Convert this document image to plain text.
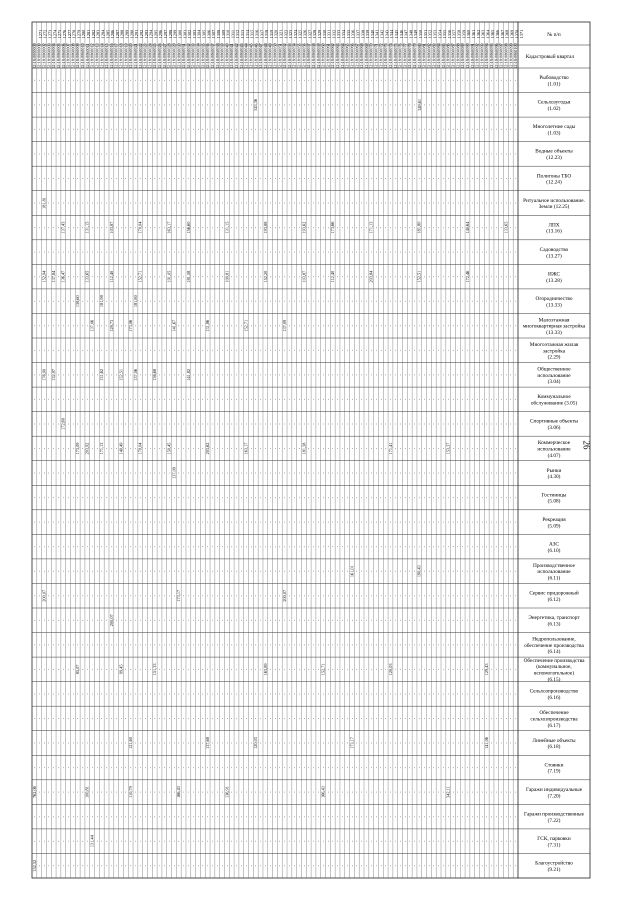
-
-
-
-
-
-
-
-
-
-
-
-
-
-
-
-
-
-
-
-
-
-
-
-
-
-
-
-
-
762,06
-
-
152,52
-
-
-
-
-
-
-
-
-
-
-
-
-
-
-
-
-
-
-
-
-
-
-
-
-
-
-
-
-
-
-
-
-
-
-
-
-
-
181,81
-
-
152,94
-
-
-
176,90
-
-
-
-
-
-
-
-
200,07
-
-
-
-
-
-
-
-
-
-
-
-
-
-
-
-
-
-
-
-
-
-
-
-
-
-
-
-
-
-
-
-
-
-
-
-
-
-
-
-
-
-
-
-
-
-
-
-
-
-
-
-
137,84
-
-
-
132,97
-
-
-
-
-
-
-
-
-
-
-
-
-
-
-
-
-
-
-
-
-
-
-
-
-
-
-
-
-
-
-
-
-
-
-
-
-
-
-
-
-
-
-
-
-
-
-
-
-
-
-
-
-
-
-
-
-
-
-
137,43
-
136,47
-
-
-
-
-
172,60
-
-
-
-
-
-
-
-
-
-
-
-
-
-
-
-
-
-
-
-
-
-
-
-
-
-
-
-
-
-
-
-
-
-
-
-
-
-
-
-
-
-
-
-
-
-
-
-
-
-
-
-
-
-
-
-
-
-
-
-
-
-
-
-
-
-
-
-
-
-
-
-
-
-
-
-
-
-
-
-
-
-
-
-
-
-
-
-
-
-
-
-
-
138,60
-
-
-
-
-
173,09
-
-
-
-
-
-
-
-
85,07
-
-
-
-
-
-
-
-
-
-
-
-
-
-
-
-
-
-
-
-
-
-
-
-
-
-
-
-
-
-
-
-
-
-
-
-
-
-
-
-
-
-
-
-
-
-
-
131,15
-
133,65
-
-
-
-
-
-
203,92
-
-
-
-
-
-
-
-
-
-
-
-
-
100,81
-
-
-
-
-
-
-
-
-
-
-
-
-
137,06
-
-
-
-
-
-
-
-
-
-
-
-
-
-
-
-
-
-
-
-
131,44
-
-
-
-
-
-
-
-
-
-
-
-
-
-
-
-
-
-
-
-
-
-
-
-
-
-
-
-
-
-
-
-
-
-
-
-
-
-
-
-
-
-
-
181,98
-
-
131,62
-
-
171,13
-
-
-
-
-
-
-
-
-
-
-
-
-
-
-
-
-
-
-
-
-
-
-
-
-
-
-
-
-
-
-
-
-
-
-
-
-
-
-
-
-
-
-
-
-
-
-
-
-
-
-
-
-
-
-
-
103,87
-
112,40
-
128,73
-
-
-
-
-
-
-
-
-
-
-
200,07
-
-
-
-
-
-
-
-
-
-
-
-
-
-
-
-
-
-
-
-
-
-
-
-
-
-
-
-
-
-
-
-
-
-
-
-
-
-
-
-
-
-
-
-
-
-
-
-
-
-
-
-
-
-
-
152,51
-
-
140,49
-
-
-
-
-
-
-
-
99,45
-
-
-
-
-
-
-
-
-
-
-
-
-
-
-
-
-
-
-
-
-
-
-
-
-
-
-
-
-
-
-
-
-
-
-
-
-
-
-
-
-
-
-
-
-
-
-
-
-
-
-
173,06
-
-
-
-
-
-
-
-
-
-
-
-
-
-
-
-
121,60
-
110,79
-
-
-
-
-
-
-
-
-
-
-
-
181,80
-
-
137,06
-
-
-
-
-
-
-
-
-
-
-
-
-
-
-
-
-
-
-
-
-
-
-
-
-
-
170,04
-
152,71
-
-
-
-
-
-
170,04
-
-
-
-
-
-
-
-
-
-
-
-
-
-
-
-
-
-
-
-
-
-
-
-
-
-
-
-
-
-
-
-
-
-
-
-
-
-
-
-
-
-
-
-
-
-
-
-
-
-
-
-
-
-
-
-
-
-
-
-
-
-
-
-
-
-
-
-
-
-
-
-
-
-
-
-
-
-
-
-
-
-
-
-
-
-
-
-
-
-
-
-
-
-
-
136,68
-
-
-
-
-
-
-
-
-
-
-
151,33
-
-
-
-
-
-
-
-
-
-
-
-
-
-
-
-
-
-
-
-
-
-
-
-
-
-
-
-
-
-
-
-
-
-
-
-
-
-
-
-
-
-
-
-
-
-
-
-
-
-
-
-
-
-
-
-
-
-
-
-
-
-
-
-
-
-
-
-
-
-
-
-
-
-
-
-
-
-
-
-
163,17
-
191,05
-
-
-
-
-
-
150,45
-
-
-
-
-
-
-
-
-
-
-
-
-
-
-
-
-
-
-
-
-
-
-
-
-
-
-
141,67
-
-
-
-
-
137,09
-
-
-
-
-
-
-
-
-
-
-
-
-
-
-
-
-
-
-
-
-
-
-
-
-
-
-
-
-
-
-
-
-
-
-
-
-
173,17
-
-
-
-
-
-
-
166,43
-
-
-
-
-
-
-
-
-
-
-
-
-
-
-
-
-
-
-
-
-
-
-
-
-
-
-
-
-
-
-
-
-
-
-
-
-
-
-
-
-
-
156,60
-
181,58
-
-
-
141,82
-
-
-
-
-
-
-
-
-
-
-
-
-
-
-
-
-
-
-
-
-
-
-
-
-
-
-
-
-
-
-
-
-
-
-
-
-
-
-
-
-
-
-
-
-
-
-
-
-
-
-
-
-
-
-
-
-
-
-
-
-
-
-
-
-
-
-
-
-
-
-
-
-
-
-
-
-
-
-
-
-
-
-
-
-
-
-
-
-
-
-
-
-
-
-
-
-
-
-
-
-
-
-
-
-
-
-
-
-
-
-
-
-
-
-
-
-
-
-
-
-
-
-
-
-
-
-
-
-
131,86
-
-
-
-
203,62
-
-
-
-
-
-
-
-
-
-
-
137,68
-
-
-
-
-
-
-
-
-
-
-
-
-
-
-
-
-
-
-
-
-
-
-
-
-
-
-
-
-
-
-
-
-
-
-
-
-
-
-
-
-
-
-
-
-
-
-
-
-
-
-
-
-
-
-
-
-
-
-
-
-
-
-
-
-
-
-
-
-
-
-
-
-
-
-
-
-
-
-
-
-
-
-
-
-
-
-
-
-
-
-
-
-
-
-
-
-
-
-
-
-
-
-
-
-
-
-
-
-
-
131,15
-
100,81
-
-
-
-
-
-
-
-
-
-
-
-
-
-
-
-
-
-
-
-
136,91
-
-
-
-
-
-
-
-
-
-
-
-
-
-
-
-
-
-
-
-
-
-
-
-
-
-
-
-
-
-
-
-
-
-
-
-
-
-
-
-
-
-
-
-
-
-
-
-
-
-
-
-
-
-
-
-
-
-
-
-
-
-
-
-
-
-
-
-
-
-
-
-
-
-
-
-
-
-
-
-
-
-
-
-
-
-
-
-
-
-
-
-
-
-
-
-
-
-
-
-
-
-
-
-
-
-
-
-
-
-
-
-
152,71
-
-
-
-
163,17
-
-
-
-
-
-
-
-
-
-
-
-
-
-
-
-
-
-
-
-
-
-
-
-
-
-
-
-
-
-
-
-
-
-
-
-
-
-
-
-
-
-
-
-
-
-
-
-
-
-
-
343,36
-
-
-
-
-
-
-
-
-
-
-
-
-
-
-
-
-
-
-
-
-
-
-
-
-
120,03
-
-
-
-
-
-
-
-
-
-
-
-
-
-
-
-
-
-
-
-
-
-
-
-
-
-
-
-
-
-
-
-
-
-
-
-
-
-
-
-
-
-
-
-
193,88
-
152,20
-
-
-
-
-
-
-
-
-
-
-
-
-
-
-
163,89
-
-
-
-
-
-
-
-
-
-
-
-
-
-
-
-
-
-
-
-
-
-
-
-
-
-
-
-
-
-
-
-
-
-
-
-
-
-
-
-
-
-
-
-
-
-
-
-
-
-
-
-
-
-
-
-
-
-
-
-
-
-
-
-
-
-
-
-
-
-
-
-
-
-
-
-
-
-
-
-
-
-
-
-
-
-
-
-
-
-
-
-
-
-
-
-
-
-
-
-
-
-
-
-
-
-
-
-
-
-
-
-
-
-
-
-
-
137,09
-
-
-
-
-
-
-
-
-
-
200,07
-
-
-
-
-
-
-
-
-
-
-
-
-
-
-
-
-
-
-
-
-
-
-
-
-
-
-
-
-
-
-
-
-
-
-
-
-
-
-
-
-
-
-
-
-
-
-
-
-
-
-
-
-
-
-
-
-
-
-
-
-
-
-
-
-
-
-
-
-
-
-
-
-
-
-
-
-
-
-
-
-
-
-
-
-
-
-
-
-
-
-
-
-
-
-
-
-
-
-
-
-
-
-
-
-
-
-
-
-
-
-
-
-
-
-
-
193,62
-
103,87
-
-
-
-
-
-
181,58
-
-
-
-
-
-
-
-
-
-
-
-
-
-
-
-
-
-
-
-
-
-
-
-
-
-
-
-
-
-
-
-
-
-
-
-
-
-
-
-
-
-
-
-
-
-
-
-
-
-
-
-
-
-
-
-
-
-
-
-
-
-
-
-
-
-
-
-
-
-
-
-
-
-
-
-
-
-
-
-
-
-
-
-
-
-
-
-
-
-
-
-
-
-
-
-
-
-
-
-
-
-
-
-
-
-
-
-
-
-
-
-
-
-
-
-
-
-
-
-
-
-
-
-
-
-
-
-
-
-
-
-
-
-
-
-
-
-
-
-
152,71
-
-
-
-
166,43
-
-
-
-
-
-
-
-
-
-
-
-
-
-
-
-
-
-
-
-
-
-
-
-
-
-
-
-
-
-
-
-
-
-
-
-
-
-
-
-
-
-
173,66
-
112,40
-
-
-
-
-
-
-
-
-
-
-
-
-
-
-
-
-
-
-
-
-
-
-
-
-
-
-
-
-
-
-
-
-
-
-
-
-
-
-
-
-
-
-
-
-
-
-
-
-
-
-
-
-
-
-
-
-
-
-
-
-
-
-
-
-
-
-
-
-
-
-
-
-
-
-
-
-
-
-
-
-
-
-
-
-
-
-
-
-
-
-
-
-
-
-
-
-
-
-
-
-
-
-
-
-
-
-
-
-
-
-
-
-
-
-
-
-
-
-
-
-
-
-
-
-
-
-
-
-
-
-
-
-
-
-
-
-
-
-
-
-
-
-
161,01
-
-
-
-
-
-
173,17
-
-
-
-
-
-
-
-
-
-
-
-
-
-
-
-
-
-
-
-
-
-
-
-
-
-
-
-
-
-
-
-
-
-
-
-
-
-
-
-
-
-
-
-
-
-
-
-
-
-
-
-
-
-
-
-
-
-
-
-
-
-
-
-
-
-
-
-
-
-
-
-
-
-
-
-
-
-
-
-
-
-
-
-
-
-
-
-
-
-
-
-
-
-
-
-
-
-
-
-
-
-
-
-
-
-
-
-
-
-
171,13
-
203,84
-
-
-
-
-
-
-
-
-
-
-
-
-
-
-
-
-
-
-
-
-
-
-
-
-
-
-
-
-
-
-
-
-
-
-
-
-
-
-
-
-
-
-
-
-
-
-
-
-
-
-
-
-
-
-
-
-
-
-
-
-
-
-
-
-
-
-
-
-
-
-
-
-
-
-
-
-
-
-
-
-
-
-
-
-
-
-
-
-
-
-
-
-
-
-
-
-
-
-
-
-
-
-
-
-
-
-
-
-
-
-
-
-
-
-
-
-
-
-
-
-
-
-
-
-
-
-
-
-
-
-
-
-
-
-
-
-
-
171,41
-
-
-
-
-
-
-
-
120,03
-
-
-
-
-
-
-
-
-
-
-
-
-
-
-
-
-
-
-
-
-
-
-
-
-
-
-
-
-
-
-
-
-
-
-
-
-
-
-
-
-
-
-
-
-
-
-
-
-
-
-
-
-
-
-
-
-
-
-
-
-
-
-
-
-
-
-
-
-
-
-
-
-
-
-
-
-
-
-
-
-
-
-
-
-
-
-
-
-
-
-
-
-
-
-
-
-
-
-
-
-
-
-
-
-
-
-
-
-
-
-
-
-
-
-
-
-
-
-
-
-
-
-
-
-
-
-
-
-
-
-
-
-
-
-
-
-
-
-
-
-
-
-
-
-
-
-
-
-
-
-
-
-
-
-
-
-
-
-
-
-
-
-
-
-
-
-
-
-
-
-
-
-
-
349,61
-
-
-
-
181,80
-
152,51
-
-
-
-
-
-
-
-
-
-
-
190,43
-
-
-
-
-
-
-
-
-
-
-
-
-
-
-
-
-
-
-
-
-
-
-
-
-
-
-
-
-
-
-
-
-
-
-
-
-
-
-
-
-
-
-
-
-
-
-
-
-
-
-
-
-
-
-
-
-
-
-
-
-
-
-
-
-
-
-
-
-
-
-
-
-
-
-
-
-
-
-
-
-
-
-
-
-
-
-
-
-
-
-
-
-
-
-
-
-
-
-
-
-
-
-
-
-
-
-
-
-
-
-
-
-
-
-
-
-
-
-
-
-
-
-
-
-
-
-
-
-
-
-
-
-
-
-
-
-
-
-
-
-
-
-
-
-
-
-
-
-
-
-
-
-
-
-
-
-
-
-
-
-
-
-
-
-
-
-
-
-
-
-
-
-
-
-
-
-
-
-
-
-
-
-
-
-
-
-
-
-
-
-
-
153,37
-
-
-
-
-
-
-
-
-
-
-
-
-
342,11
-
-
-
-
-
-
-
-
-
-
-
-
-
-
-
-
-
-
-
-
-
-
-
-
-
-
-
-
-
-
-
-
-
-
-
-
-
-
-
-
-
-
-
-
-
-
-
-
-
-
-
-
-
-
-
-
-
-
-
-
-
-
-
-
-
-
-
-
-
-
-
-
-
-
-
-
-
-
-
-
-
-
-
-
-
-
-
-
-
-
-
-
-
-
-
-
-
-
-
-
-
-
-
-
-
-
-
-
140,64
-
172,46
-
-
-
-
-
-
-
-
-
-
-
-
-
-
-
-
-
-
-
-
-
-
-
-
-
-
-
-
-
-
-
-
-
-
-
-
-
-
-
-
-
-
-
-
-
-
-
-
-
-
-
-
-
-
-
-
-
-
-
-
-
-
-
-
-
-
-
-
-
-
-
-
-
-
-
-
-
-
-
-
-
-
-
-
-
-
-
-
-
-
-
-
-
-
-
-
-
-
-
-
-
-
-
-
-
-
-
-
-
-
-
-
-
-
-
-
-
-
-
-
-
-
-
-
-
-
-
-
-
-
-
-
-
-
-
-
-
-
-
-
-
-
-
-
-
-
-
129,43
-
-
141,06
-
-
-
-
-
-
-
-
-
-
-
-
-
-
-
-
-
-
-
-
-
-
-
-
-
-
-
-
-
-
-
-
-
-
-
-
-
-
-
-
-
-
-
-
-
-
-
-
-
-
-
-
-
-
-
-
-
-
-
-
-
-
-
-
-
-
-
-
-
-
-
-
-
-
-
-
-
-
-
-
-
-
-
-
-
-
-
-
-
-
-
-
-
-
-
-
-
-
-
-
-
-
-
-
-
-
-
-
-
-
133,65
-
-
-
-
-
-
-
-
-
-
-
-
-
-
-
-
-
-
-
-
-
-
-
-
-
-
-
-
-
-
-
-
-
-
-
-
-
-
-
-
-
-
-
-
-
-
-
-
-
-
-
-
-
-
-
-
-
-
-
-
-
-
-
-
-
-
-
-
-
-
-
-
-
-
-
-
-
-
-
-
-
-
-
-
-
-
-
-
-
-
-
-
№ п/п
Кадастровый квартал
Рыбоводство
(1.01)
Сельхозугодья
(1.02)
Многолетние сады
(1.03)
Водные объекты
(12.23)
Полигоны ТБО
(12.24)
Ритуальное использование.
Земли (12.25)
ЛПХ
(13.16)
Садоводство
(13.27)
ИЖС
(13.28)
Огородничество
(13.33)
Малоэтажная
многоквартирная застройка
(13.33)
Многоэтажная жилая
застройка
(2.29)
Общественное
использование
(3.04)
Коммунальное
обслуживание (3.05)
Спортивные объекты
(3.06)
Коммерческое
использование
(4.07)
Рынки
(4.30)
Гостиницы
(5.08)
Рекреация
(5.09)
АЗС
(6.10)
Производственное
использование
(6.11)
Сервис придорожный
(6.12)
Энергетика, транспорт
(6.13)
Недропользование,
обеспечение производства
(6.14)
Обеспечение производства
(коммунальное,
вспомогательное)
(6.15)
Сельхозпроизводство
(6.16)
Обеспечение
сельхозпроизводства
(6.17)
Линейные объекты
(6.18)
Стоянки
(7.19)
Гаражи индивидуальные
(7.20)
Гаражи производственные
(7.22)
ГСК, парковки
(7.31)
Благоустройство
(9.21)
1271
52:18:0000000
1272
52:18:0000000
1273
52:18:0060002
1274
52:18:0060003
1275
52:18:0060004
1276
52:18:0060005
1277
52:18:0060006
1278
52:18:0060007
1279
52:18:0060008
1280
52:18:0060009
1281
52:18:0060010
1282
52:18:0060011
1283
52:18:0060012
1284
52:18:0060013
1285
52:18:0060014
1286
52:18:0060015
1287
52:18:0060016
1288
52:18:0060017
1289
52:18:0060018
1290
52:18:0060019
1291
52:18:0060020
1292
52:18:0060021
1293
52:18:0060022
1294
52:18:0060023
1295
52:18:0060024
1296
52:18:0060025
1297
52:18:0060026
1298
52:18:0060027
1299
52:18:0060028
1300
52:18:0060029
1301
52:18:0060030
1302
52:18:0060031
1303
52:18:0060032
1304
52:18:0060033
1305
52:18:0060034
1306
52:18:0060035
1307
52:18:0060036
1308
52:18:0060037
1309
52:18:0060038
1310
52:18:0060039
1311
52:18:0060040
1312
52:18:0060041
1313
52:18:0060042
1314
52:18:0060043
1315
52:18:0060044
1316
52:18:0060045
1317
52:18:0060046
1318
52:18:0060047
1319
52:18:0060048
1320
52:18:0060049
1321
52:18:0060050
1322
52:18:0060051
1323
52:18:0060052
1324
52:18:0060053
1325
52:18:0060054
1326
52:18:0060055
1327
52:18:0060056
1328
52:18:0060057
1329
52:18:0060058
1330
52:18:0060059
1331
52:18:0060060
1332
52:18:0060061
1333
52:18:0060062
1334
52:18:0060063
1335
52:18:0060064
1336
52:18:0060065
1337
52:18:0060066
1338
52:18:0060067
1339
52:18:0060068
1340
52:18:0060069
1341
52:18:0060070
1342
52:18:0060071
1343
52:18:0060072
1344
52:18:0060073
1345
52:18:0060074
1346
52:18:0060075
1347
52:18:0060076
1348
52:18:0060077
1349
52:18:0060078
1350
52:18:0060079
1351
52:18:0060080
1352
52:18:0060081
1353
52:18:0060082
1354
52:18:0060083
1355
52:18:0060084
1356
52:18:0060085
1357
52:18:0060086
1358
52:18:0060087
1359
52:18:0060088
1360
52:18:0060089
1361
52:18:0060090
1362
52:18:0060091
1363
52:18:0060092
1364
52:18:0060093
1365
52:18:0060094
1366
52:18:0060095
1367
52:18:0060096
1368
52:18:0060097
1369
52:18:0060098
1370
52:18:0060099
1371
52:18:0060100
26
